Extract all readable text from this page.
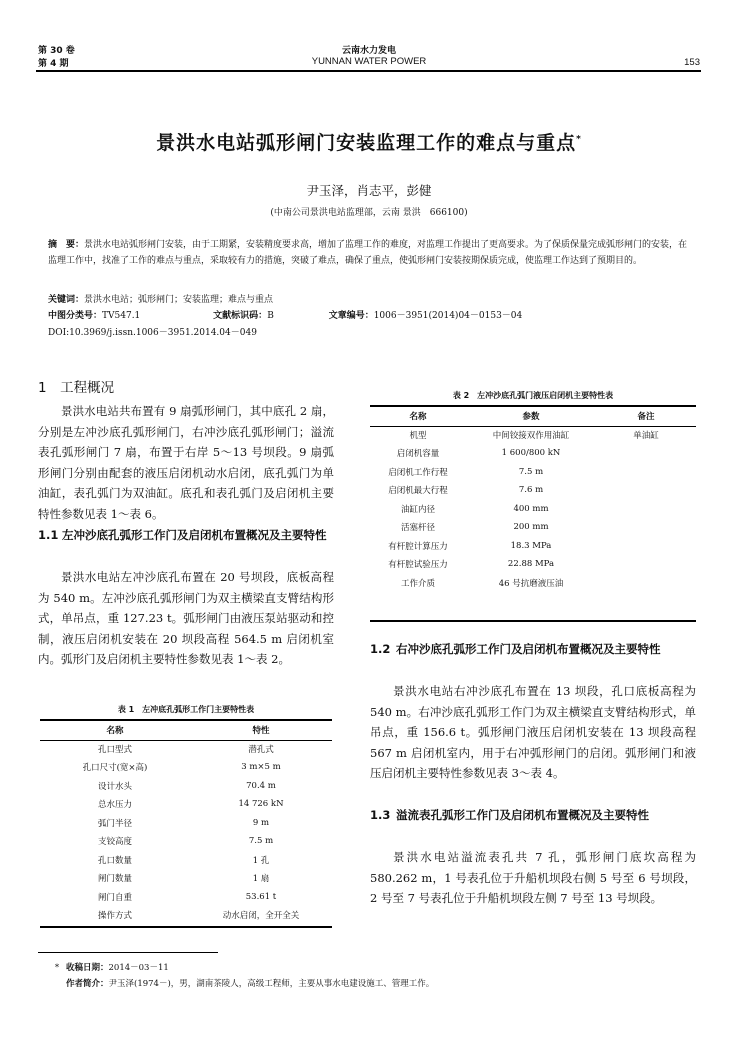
第 30 卷
第 4 期
云南水力发电
YUNNAN WATER POWER	153
景洪水电站弧形闸门安装监理工作的难点与重点*
尹玉泽，肖志平，彭健
(中南公司景洪电站监理部，云南 景洪　666100)
摘　要：景洪水电站弧形闸门安装，由于工期紧，安装精度要求高，增加了监理工作的难度，对监理工作提出了更高要求。为了保质保量完成弧形闸门的安装，在监理工作中，找准了工作的难点与重点，采取较有力的措施，突破了难点，确保了重点，使弧形闸门安装按期保质完成，使监理工作达到了预期目的。
关键词：景洪水电站；弧形闸门；安装监理；难点与重点
中图分类号：TV547.1	文献标识码：B	文章编号：1006－3951(2014)04－0153－04
DOI:10.3969/j.issn.1006－3951.2014.04－049
1　工程概况
景洪水电站共布置有 9 扇弧形闸门，其中底孔 2 扇，分别是左冲沙底孔弧形闸门，右冲沙底孔弧形闸门；溢流表孔弧形闸门 7 扇，布置于右岸 5～13 号坝段。9 扇弧形闸门分别由配套的液压启闭机动水启闭，底孔弧门为单油缸，表孔弧门为双油缸。底孔和表孔弧门及启闭机主要特性参数见表 1～表 6。
1.1 左冲沙底孔弧形工作门及启闭机布置概况及主要特性
景洪水电站左冲沙底孔布置在 20 号坝段，底板高程为 540 m。左冲沙底孔弧形闸门为双主横梁直支臂结构形式，单吊点，重 127.23 t。弧形闸门由液压泵站驱动和控制，液压启闭机安装在 20 坝段高程 564.5 m 启闭机室内。弧形门及启闭机主要特性参数见表 1～表 2。
表 1　左冲底孔弧形工作门主要特性表
名称	特性
孔口型式	潜孔式
孔口尺寸(宽×高)	3 m×5 m
设计水头	70.4 m
总水压力	14 726 kN
弧门半径	9 m
支铰高度	7.5 m
孔口数量	1 孔
闸门数量	1 扇
闸门自重	53.61 t
操作方式	动水启闭，全开全关
表 2　左冲沙底孔弧门液压启闭机主要特性表
名称	参数	备注
机型	中间铰接双作用油缸	单油缸
启闭机容量	1 600/800 kN	
启闭机工作行程	7.5 m	
启闭机最大行程	7.6 m	
油缸内径	400 mm	
活塞杆径	200 mm	
有杆腔计算压力	18.3 MPa	
有杆腔试验压力	22.88 MPa	
工作介质	46 号抗磨液压油	
1.2 右冲沙底孔弧形工作门及启闭机布置概况及主要特性
景洪水电站右冲沙底孔布置在 13 坝段，孔口底板高程为 540 m。右冲沙底孔弧形工作门为双主横梁直支臂结构形式，单吊点，重 156.6 t。弧形闸门液压启闭机安装在 13 坝段高程 567 m 启闭机室内，用于右冲弧形闸门的启闭。弧形闸门和液压启闭机主要特性参数见表 3～表 4。
1.3 溢流表孔弧形工作门及启闭机布置概况及主要特性
景洪水电站溢流表孔共 7 孔，弧形闸门底坎高程为 580.262 m，1 号表孔位于升船机坝段右侧 5 号至 6 号坝段，2 号至 7 号表孔位于升船机坝段左侧 7 号至 13 号坝段。
* 收稿日期：2014－03－11
作者简介：尹玉泽(1974－)，男，湖南茶陵人，高级工程师，主要从事水电建设施工、管理工作。
